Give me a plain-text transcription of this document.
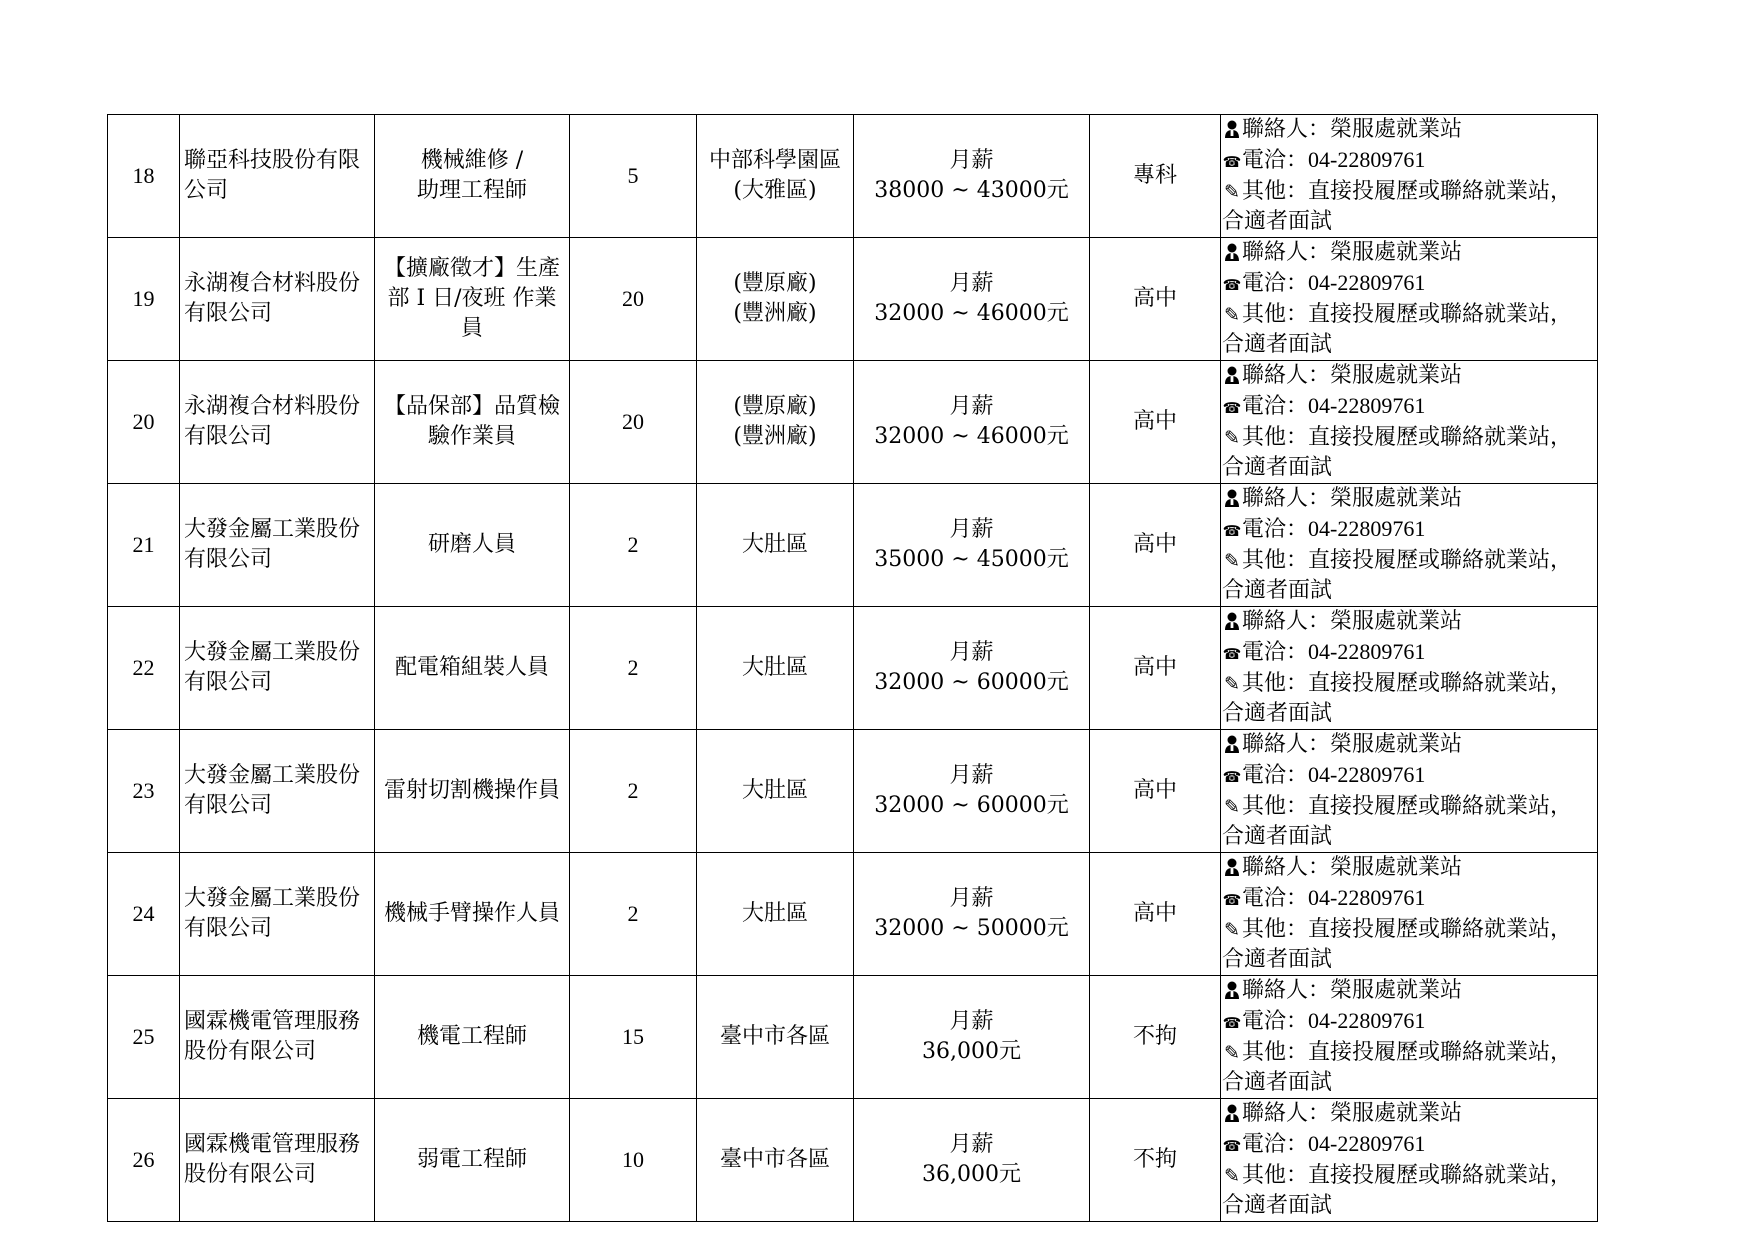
18	聯亞科技股份有限公司	機械維修 /
助理工程師	5	中部科學園區
(大雅區)	月薪
38000 ~ 43000元	專科	聯絡人：榮服處就業站
☎電洽：04-22809761
✎其他：直接投履歷或聯絡就業站，
合適者面試

19	永湖複合材料股份有限公司	【擴廠徵才】生產部 I 日/夜班 作業員	20	(豐原廠)
(豐洲廠)	月薪
32000 ~ 46000元	高中	聯絡人：榮服處就業站
☎電洽：04-22809761
✎其他：直接投履歷或聯絡就業站，
合適者面試

20	永湖複合材料股份有限公司	【品保部】品質檢驗作業員	20	(豐原廠)
(豐洲廠)	月薪
32000 ~ 46000元	高中	聯絡人：榮服處就業站
☎電洽：04-22809761
✎其他：直接投履歷或聯絡就業站，
合適者面試

21	大發金屬工業股份有限公司	研磨人員	2	大肚區	月薪
35000 ~ 45000元	高中	聯絡人：榮服處就業站
☎電洽：04-22809761
✎其他：直接投履歷或聯絡就業站，
合適者面試

22	大發金屬工業股份有限公司	配電箱組裝人員	2	大肚區	月薪
32000 ~ 60000元	高中	聯絡人：榮服處就業站
☎電洽：04-22809761
✎其他：直接投履歷或聯絡就業站，
合適者面試

23	大發金屬工業股份有限公司	雷射切割機操作員	2	大肚區	月薪
32000 ~ 60000元	高中	聯絡人：榮服處就業站
☎電洽：04-22809761
✎其他：直接投履歷或聯絡就業站，
合適者面試

24	大發金屬工業股份有限公司	機械手臂操作人員	2	大肚區	月薪
32000 ~ 50000元	高中	聯絡人：榮服處就業站
☎電洽：04-22809761
✎其他：直接投履歷或聯絡就業站，
合適者面試

25	國霖機電管理服務股份有限公司	機電工程師	15	臺中市各區	月薪
36,000元	不拘	聯絡人：榮服處就業站
☎電洽：04-22809761
✎其他：直接投履歷或聯絡就業站，
合適者面試

26	國霖機電管理服務股份有限公司	弱電工程師	10	臺中市各區	月薪
36,000元	不拘	聯絡人：榮服處就業站
☎電洽：04-22809761
✎其他：直接投履歷或聯絡就業站，
合適者面試
